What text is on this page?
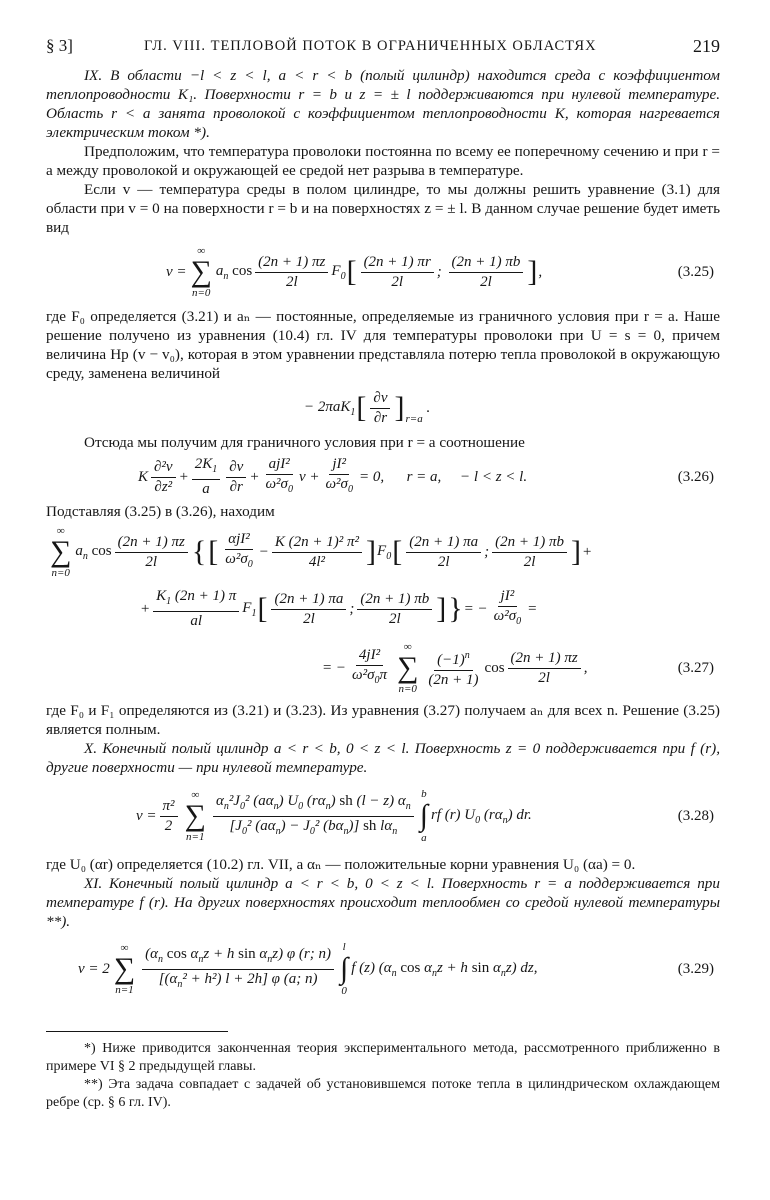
§ 3]	ГЛ. VIII. ТЕПЛОВОЙ ПОТОК В ОГРАНИЧЕННЫХ ОБЛАСТЯХ	219

IX. В области −l < z < l, a < r < b (полый цилиндр) находится среда с коэффициентом теплопроводности K₁. Поверхности r = b и z = ± l поддерживаются при нулевой температуре. Область r < a занята проволокой с коэффициентом теплопроводности K, которая нагревается электрическим током *).

Предположим, что температура проволоки постоянна по всему ее поперечному сечению и при r = a между проволокой и окружающей ее средой нет разрыва в температуре.

Если v — температура среды в полом цилиндре, то мы должны решить уравнение (3.1) для области при v = 0 на поверхности r = b и на поверхностях z = ± l. В данном случае решение будет иметь вид

v =
∞
∑
n=0
$a_n$ $\cos \frac{(2n + 1) \pi z}{2l} F_0$ [ $\frac{(2n + 1) \pi r}{2l}$ ; $\frac{(2n + 1) \pi b}{2l}$ ] ,	(3.25)

где F₀ определяется (3.21) и aₙ — постоянные, определяемые из граничного условия при r = a. Наше решение получено из уравнения (10.4) гл. IV для температуры проволоки при U = s = 0, причем величина Hp (v − v₀), которая в этом уравнении представляла потерю тепла проволокой в окружающую среду, заменена величиной

− 2πaK$_1$ [ $\frac{\partial v}{\partial r}$ ] r=a
.

Отсюда мы получим для граничного условия при r = a соотношение

K $\frac{\text{∂²v}}{\text{∂z²}} + \frac{2K_1}{a} \frac{\partial v}{\partial r} + \frac{\text{ajI²}}{\omega^2\sigma_0}$ $v + \frac{\text{jI²}}{\omega^2\sigma_0} = 0$,      r = a,     − l < z < l.	(3.26)

Подставляя (3.25) в (3.26), находим

∞
∑
n=0
$a_n$ $\cos \frac{(2n + 1) \pi z}{2l}$ { [ $\frac{\text{αjI²}}{\omega^2\sigma_0} - \frac{\text{K (2n + 1)² π²}}{\text{4l²}}$ ] $F_0$ [ $\frac{(2n + 1) \pi a}{2l}$ ; $\frac{(2n + 1) \pi b}{2l}$ ] +
+ $\frac{K_1 (2n + 1) \pi}{al} F_1$ [ $\frac{(2n + 1) \pi a}{2l}$ ; $\frac{(2n + 1) \pi b}{2l}$ ] } = − $\frac{\text{jI²}}{\omega^2\sigma_0}$ =
= − $\frac{\text{4jI²}}{\omega^2\sigma_0\pi}$ ∞
∑
$n=0 \frac{(-1)^n}{(2n + 1)}$ $\cos \frac{(2n + 1) \pi z}{2l}$ ,	(3.27)

где F₀ и F₁ определяются из (3.21) и (3.23). Из уравнения (3.27) получаем aₙ для всех n. Решение (3.25) является полным.

X. Конечный полый цилиндр a < r < b, 0 < z < l. Поверхность z = 0 поддерживается при f (r), другие поверхности — при нулевой температуре.

$v = \frac{\text{π²}}{2}$
∞
∑
$n=1 \frac{\alpha_n^2J_0^2 (a\alpha_n) U_0 (r\alpha_n) sh (l - z) \alpha_n}{[J_0^2 (a\alpha_n) - J_0^2 (b\alpha_n)] sh l\alpha_n}$ b
∫
a
rf (r) $U_0$ $(r\alpha_n)$ dr.	(3.28)

где U₀ (αr) определяется (10.2) гл. VII, а αₙ — положительные корни уравнения U₀ (αa) = 0.

XI. Конечный полый цилиндр a < r < b, 0 < z < l. Поверхность r = a поддерживается при температуре f (r). На других поверхностях происходит теплообмен со средой нулевой температуры **).

v = 2
∞
∑
$n=1 \frac{(\alpha_n \cos \alpha_nz + h \sin \alpha_nz) \varphi (r; n)}{[(\alpha_n^2 + h^2) l + 2h] \varphi (a; n)}$ l
∫
0
f (z) ($\alpha_n$ $\cos \alpha_nz + h$ $\sin \alpha_nz$) dz,	(3.29)

*) Ниже приводится законченная теория экспериментального метода, рассмотренного приближенно в примере VI § 2 предыдущей главы.

**) Эта задача совпадает с задачей об установившемся потоке тепла в цилиндрическом охлаждающем ребре (ср. § 6 гл. IV).
